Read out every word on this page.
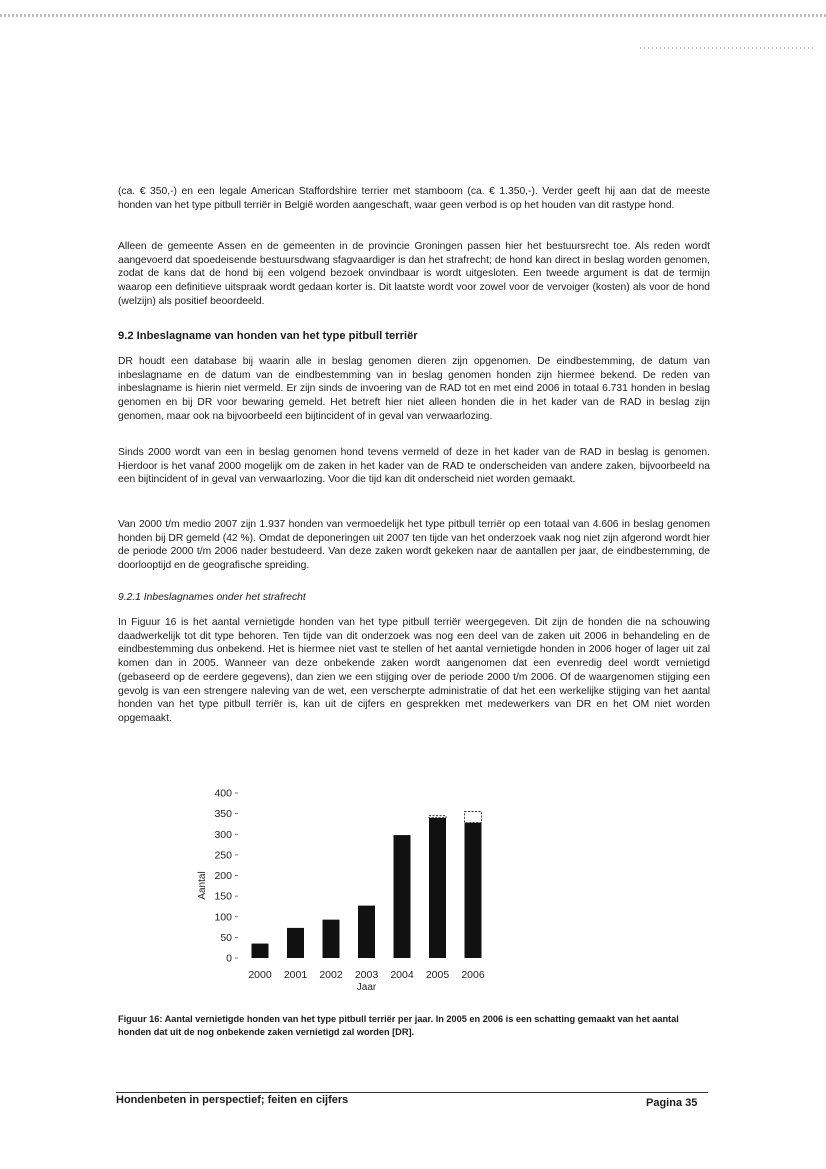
(ca. € 350,-) en een legale American Staffordshire terrier met stamboom (ca. € 1.350,-). Verder geeft hij aan dat de meeste honden van het type pitbull terriër in België worden aangeschaft, waar geen verbod is op het houden van dit rastype hond.

Alleen de gemeente Assen en de gemeenten in de provincie Groningen passen hier het bestuursrecht toe. Als reden wordt aangevoerd dat spoedeisende bestuursdwang sfagvaardiger is dan het strafrecht; de hond kan direct in beslag worden genomen, zodat de kans dat de hond bij een volgend bezoek onvindbaar is wordt uitgesloten. Een tweede argument is dat de termijn waarop een definitieve uitspraak wordt gedaan korter is. Dit laatste wordt voor zowel voor de vervoiger (kosten) als voor de hond (welzijn) als positief beoordeeld.

9.2 Inbeslagname van honden van het type pitbull terriër

DR houdt een database bij waarin alle in beslag genomen dieren zijn opgenomen. De eindbestemming, de datum van inbeslagname en de datum van de eindbestemming van in beslag genomen honden zijn hiermee bekend. De reden van inbeslagname is hierin niet vermeld. Er zijn sinds de invoering van de RAD tot en met eind 2006 in totaal 6.731 honden in beslag genomen en bij DR voor bewaring gemeld. Het betreft hier niet alleen honden die in het kader van de RAD in beslag zijn genomen, maar ook na bijvoorbeeld een bijtincident of in geval van verwaarlozing.

Sinds 2000 wordt van een in beslag genomen hond tevens vermeld of deze in het kader van de RAD in beslag is genomen. Hierdoor is het vanaf 2000 mogelijk om de zaken in het kader van de RAD te onderscheiden van andere zaken, bijvoorbeeld na een bijtincident of in geval van verwaarlozing. Voor die tijd kan dit onderscheid niet worden gemaakt.

Van 2000 t/m medio 2007 zijn 1.937 honden van vermoedelijk het type pitbull terriër op een totaal van 4.606 in beslag genomen honden bij DR gemeld (42 %). Omdat de deponeringen uit 2007 ten tijde van het onderzoek vaak nog niet zijn afgerond wordt hier de periode 2000 t/m 2006 nader bestudeerd. Van deze zaken wordt gekeken naar de aantallen per jaar, de eindbestemming, de doorlooptijd en de geografische spreiding.

9.2.1 Inbeslagnames onder het strafrecht

In Figuur 16 is het aantal vernietigde honden van het type pitbull terriër weergegeven. Dit zijn de honden die na schouwing daadwerkelijk tot dit type behoren. Ten tijde van dit onderzoek was nog een deel van de zaken uit 2006 in behandeling en de eindbestemming dus onbekend. Het is hiermee niet vast te stellen of het aantal vernietigde honden in 2006 hoger of lager uit zal komen dan in 2005. Wanneer van deze onbekende zaken wordt aangenomen dat een evenredig deel wordt vernietigd (gebaseerd op de eerdere gegevens), dan zien we een stijging over de periode 2000 t/m 2006. Of de waargenomen stijging een gevolg is van een strengere naleving van de wet, een verscherpte administratie of dat het een werkelijke stijging van het aantal honden van het type pitbull terriër is, kan uit de cijfers en gesprekken met medewerkers van DR en het OM niet worden opgemaakt.

0
50
100
150
200
250
300
350
400
Aantal
2000 2001 2002 2003 2004 2005 2006
Jaar

Figuur 16: Aantal vernietigde honden van het type pitbull terriër per jaar. In 2005 en 2006 is een schatting gemaakt van het aantal honden dat uit de nog onbekende zaken vernietigd zal worden [DR].

Hondenbeten in perspectief; feiten en cijfers	Pagina 35
